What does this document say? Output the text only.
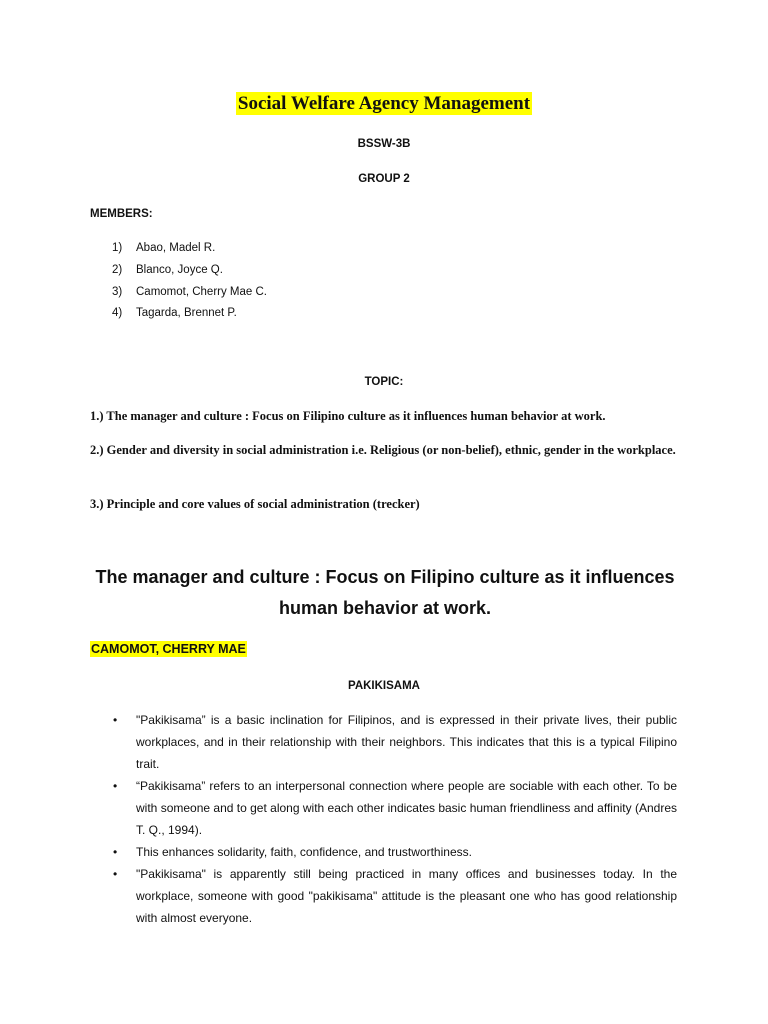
Social Welfare Agency Management
BSSW-3B
GROUP 2
MEMBERS:
1) Abao, Madel R.
2) Blanco, Joyce Q.
3) Camomot, Cherry Mae C.
4) Tagarda, Brennet P.
TOPIC:
1.) The manager and culture : Focus on Filipino culture as it influences human behavior at work.
2.) Gender and diversity in social administration i.e. Religious (or non-belief), ethnic, gender in the workplace.
3.) Principle and core values of social administration (trecker)
The manager and culture : Focus on Filipino culture as it influences human behavior at work.
CAMOMOT, CHERRY MAE
PAKIKISAMA
• "Pakikisama” is a basic inclination for Filipinos, and is expressed in their private lives, their public workplaces, and in their relationship with their neighbors. This indicates that this is a typical Filipino trait.
• “Pakikisama” refers to an interpersonal connection where people are sociable with each other. To be with someone and to get along with each other indicates basic human friendliness and affinity (Andres T. Q., 1994).
• This enhances solidarity, faith, confidence, and trustworthiness.
• "Pakikisama" is apparently still being practiced in many offices and businesses today. In the workplace, someone with good "pakikisama" attitude is the pleasant one who has good relationship with almost everyone.
